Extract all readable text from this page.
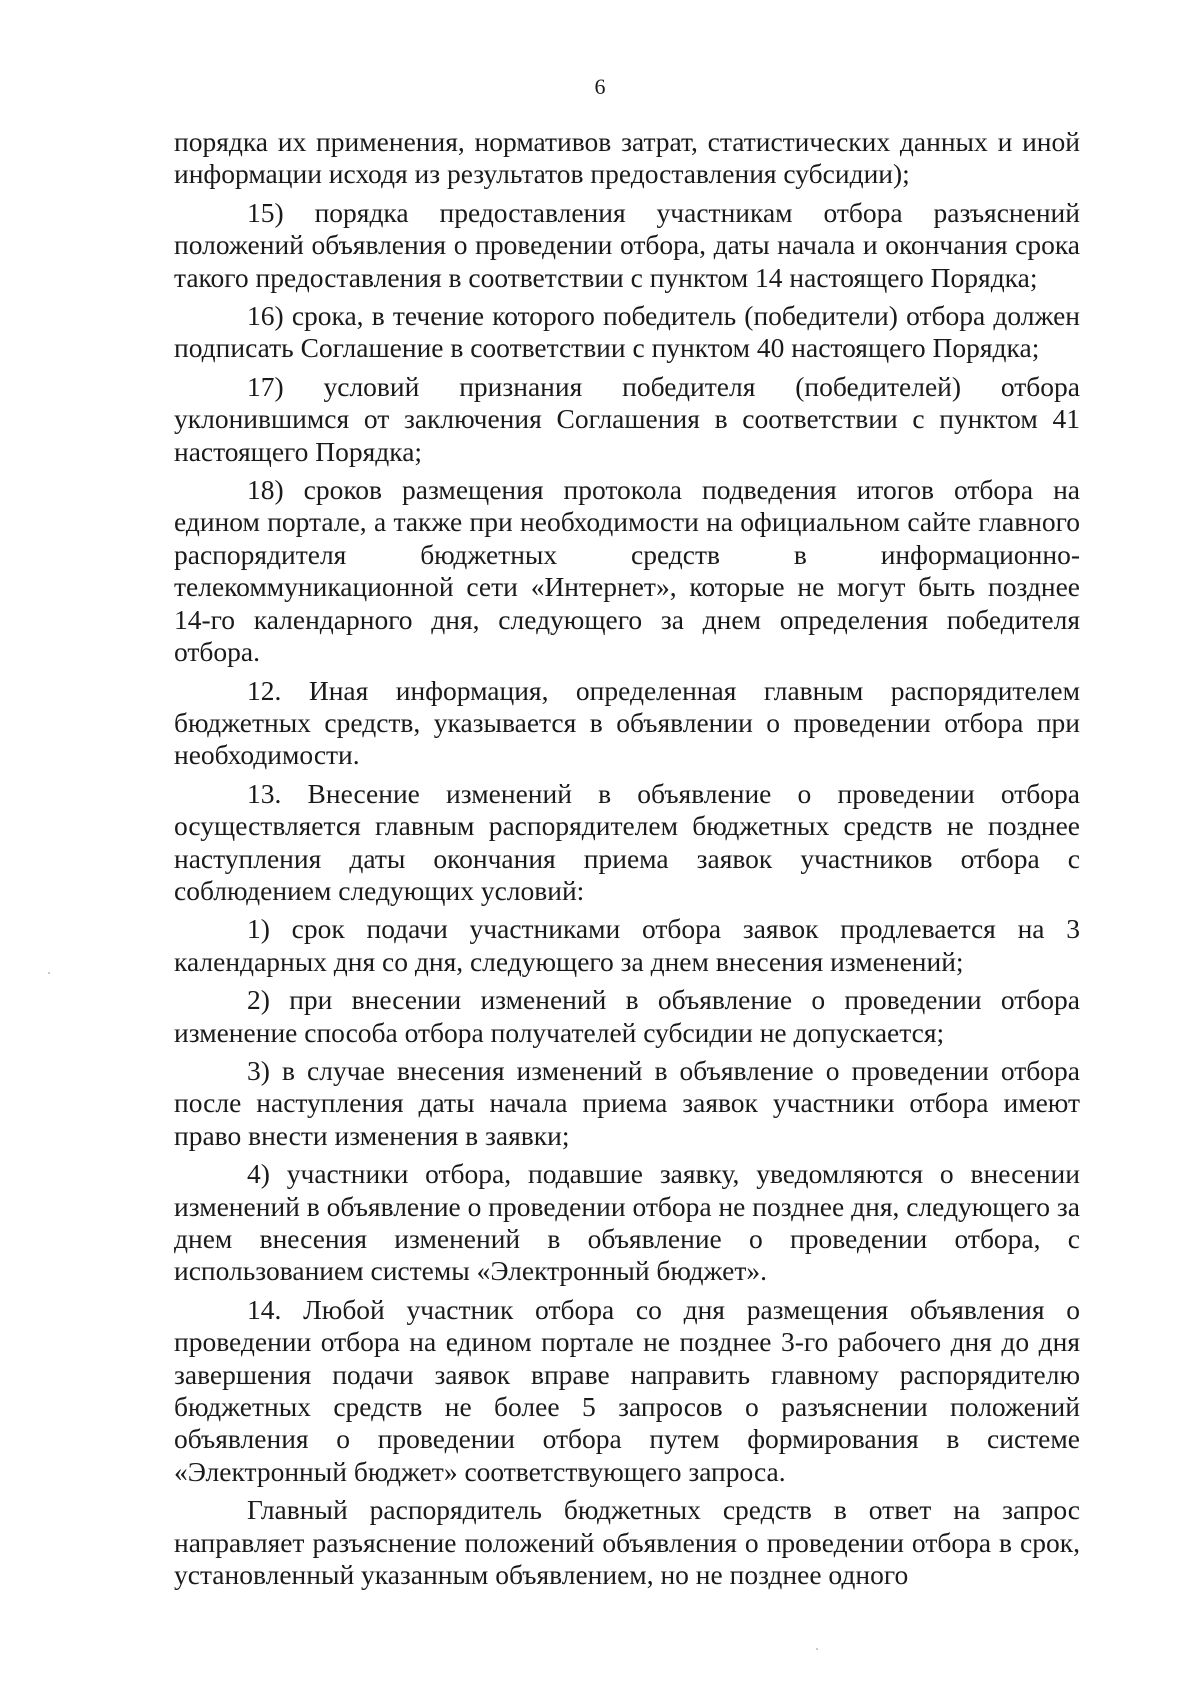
6

порядка их применения, нормативов затрат, статистических данных и иной информации исходя из результатов предоставления субсидии);

15) порядка предоставления участникам отбора разъяснений положений объявления о проведении отбора, даты начала и окончания срока такого предоставления в соответствии с пунктом 14 настоящего Порядка;

16) срока, в течение которого победитель (победители) отбора должен подписать Соглашение в соответствии с пунктом 40 настоящего Порядка;

17) условий признания победителя (победителей) отбора уклонившимся от заключения Соглашения в соответствии с пунктом 41 настоящего Порядка;

18) сроков размещения протокола подведения итогов отбора на едином портале, а также при необходимости на официальном сайте главного распорядителя бюджетных средств в информационно-телекоммуникационной сети «Интернет», которые не могут быть позднее 14-го календарного дня, следующего за днем определения победителя отбора.

12. Иная информация, определенная главным распорядителем бюджетных средств, указывается в объявлении о проведении отбора при необходимости.

13. Внесение изменений в объявление о проведении отбора осуществляется главным распорядителем бюджетных средств не позднее наступления даты окончания приема заявок участников отбора с соблюдением следующих условий:

1) срок подачи участниками отбора заявок продлевается на 3 календарных дня со дня, следующего за днем внесения изменений;

2) при внесении изменений в объявление о проведении отбора изменение способа отбора получателей субсидии не допускается;

3) в случае внесения изменений в объявление о проведении отбора после наступления даты начала приема заявок участники отбора имеют право внести изменения в заявки;

4) участники отбора, подавшие заявку, уведомляются о внесении изменений в объявление о проведении отбора не позднее дня, следующего за днем внесения изменений в объявление о проведении отбора, с использованием системы «Электронный бюджет».

14. Любой участник отбора со дня размещения объявления о проведении отбора на едином портале не позднее 3-го рабочего дня до дня завершения подачи заявок вправе направить главному распорядителю бюджетных средств не более 5 запросов о разъяснении положений объявления о проведении отбора путем формирования в системе «Электронный бюджет» соответствующего запроса.

Главный распорядитель бюджетных средств в ответ на запрос направляет разъяснение положений объявления о проведении отбора в срок, установленный указанным объявлением, но не позднее одного
